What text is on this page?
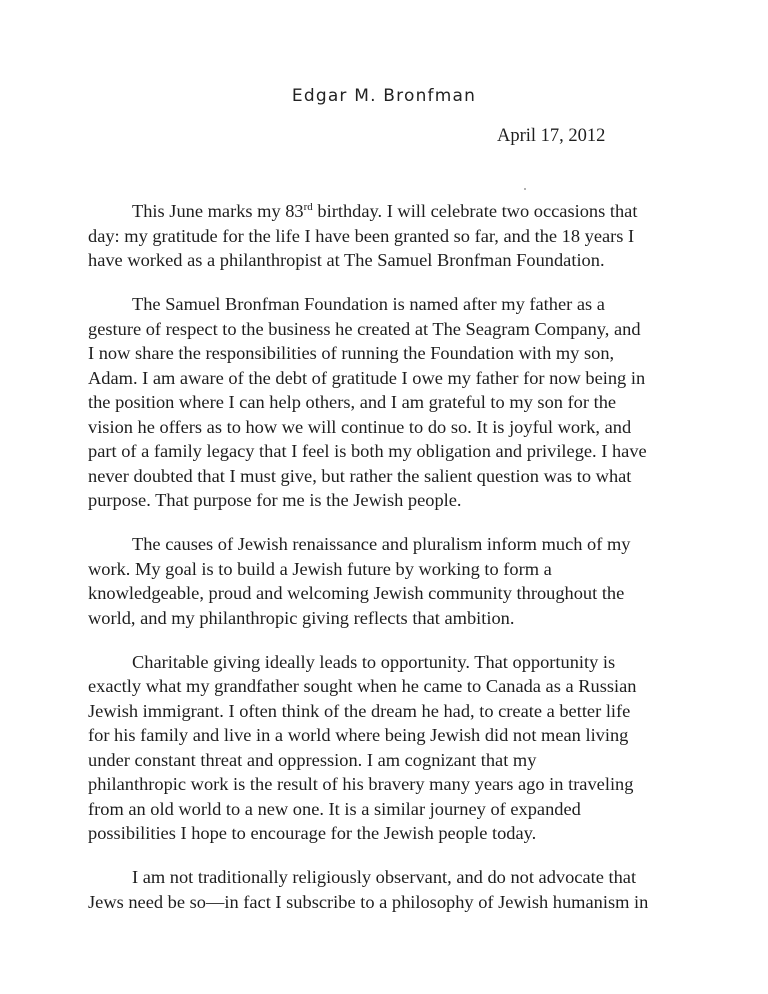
Edgar M. Bronfman
April 17, 2012

This June marks my 83rd birthday. I will celebrate two occasions that
day: my gratitude for the life I have been granted so far, and the 18 years I
have worked as a philanthropist at The Samuel Bronfman Foundation.

The Samuel Bronfman Foundation is named after my father as a
gesture of respect to the business he created at The Seagram Company, and
I now share the responsibilities of running the Foundation with my son,
Adam. I am aware of the debt of gratitude I owe my father for now being in
the position where I can help others, and I am grateful to my son for the
vision he offers as to how we will continue to do so. It is joyful work, and
part of a family legacy that I feel is both my obligation and privilege. I have
never doubted that I must give, but rather the salient question was to what
purpose. That purpose for me is the Jewish people.

The causes of Jewish renaissance and pluralism inform much of my
work. My goal is to build a Jewish future by working to form a
knowledgeable, proud and welcoming Jewish community throughout the
world, and my philanthropic giving reflects that ambition.

Charitable giving ideally leads to opportunity. That opportunity is
exactly what my grandfather sought when he came to Canada as a Russian
Jewish immigrant. I often think of the dream he had, to create a better life
for his family and live in a world where being Jewish did not mean living
under constant threat and oppression. I am cognizant that my
philanthropic work is the result of his bravery many years ago in traveling
from an old world to a new one. It is a similar journey of expanded
possibilities I hope to encourage for the Jewish people today.

I am not traditionally religiously observant, and do not advocate that
Jews need be so—in fact I subscribe to a philosophy of Jewish humanism in
